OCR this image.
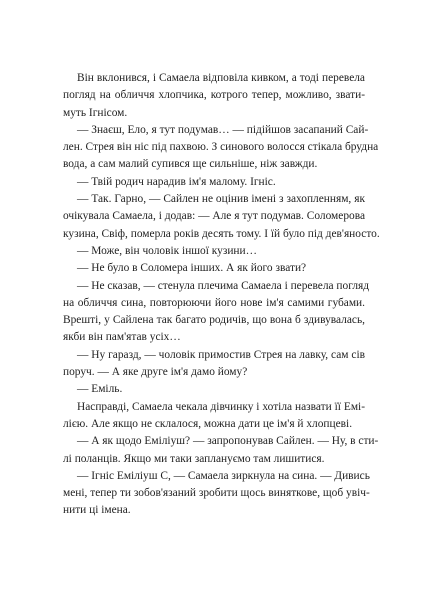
Він вклонився, і Самаела відповіла кивком, а тоді перевела
погляд на обличчя хлопчика, котрого тепер, можливо, звати-
муть Ігнісом.
— Знаєш, Ело, я тут подумав… — підійшов засапаний Сай-
лен. Стрея він ніс під пахвою. З синового волосся стікала брудна
вода, а сам малий супився ще сильніше, ніж завжди.
— Твій родич нарадив ім'я малому. Ігніс.
— Так. Гарно, — Сайлен не оцінив імені з захопленням, як
очікувала Самаела, і додав: — Але я тут подумав. Соломерова
кузина, Свіф, померла років десять тому. І їй було під дев'яносто.
— Може, він чоловік іншої кузини…
— Не було в Соломера інших. А як його звати?
— Не сказав, — стенула плечима Самаела і перевела погляд
на обличчя сина, повторюючи його нове ім'я самими губами.
Врешті, у Сайлена так багато родичів, що вона б здивувалась,
якби він пам'ятав усіх…
— Ну гаразд, — чоловік примостив Стрея на лавку, сам сів
поруч. — А яке друге ім'я дамо йому?
— Еміль.
Насправді, Самаела чекала дівчинку і хотіла назвати її Емі-
лією. Але якщо не склалося, можна дати це ім'я й хлопцеві.
— А як щодо Еміліуш? — запропонував Сайлен. — Ну, в сти-
лі поланців. Якщо ми таки заплануємо там лишитися.
— Ігніс Еміліуш С, — Самаела зиркнула на сина. — Дивись
мені, тепер ти зобов'язаний зробити щось виняткове, щоб увіч-
нити ці імена.
